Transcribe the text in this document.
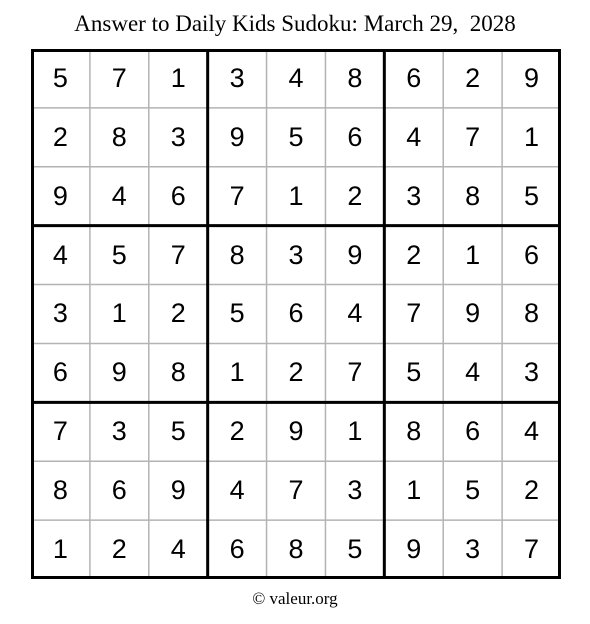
Answer to Daily Kids Sudoku: March 29,  2028
5	7	1	3	4	8	6	2	9
2	8	3	9	5	6	4	7	1
9	4	6	7	1	2	3	8	5
4	5	7	8	3	9	2	1	6
3	1	2	5	6	4	7	9	8
6	9	8	1	2	7	5	4	3
7	3	5	2	9	1	8	6	4
8	6	9	4	7	3	1	5	2
1	2	4	6	8	5	9	3	7
© valeur.org
